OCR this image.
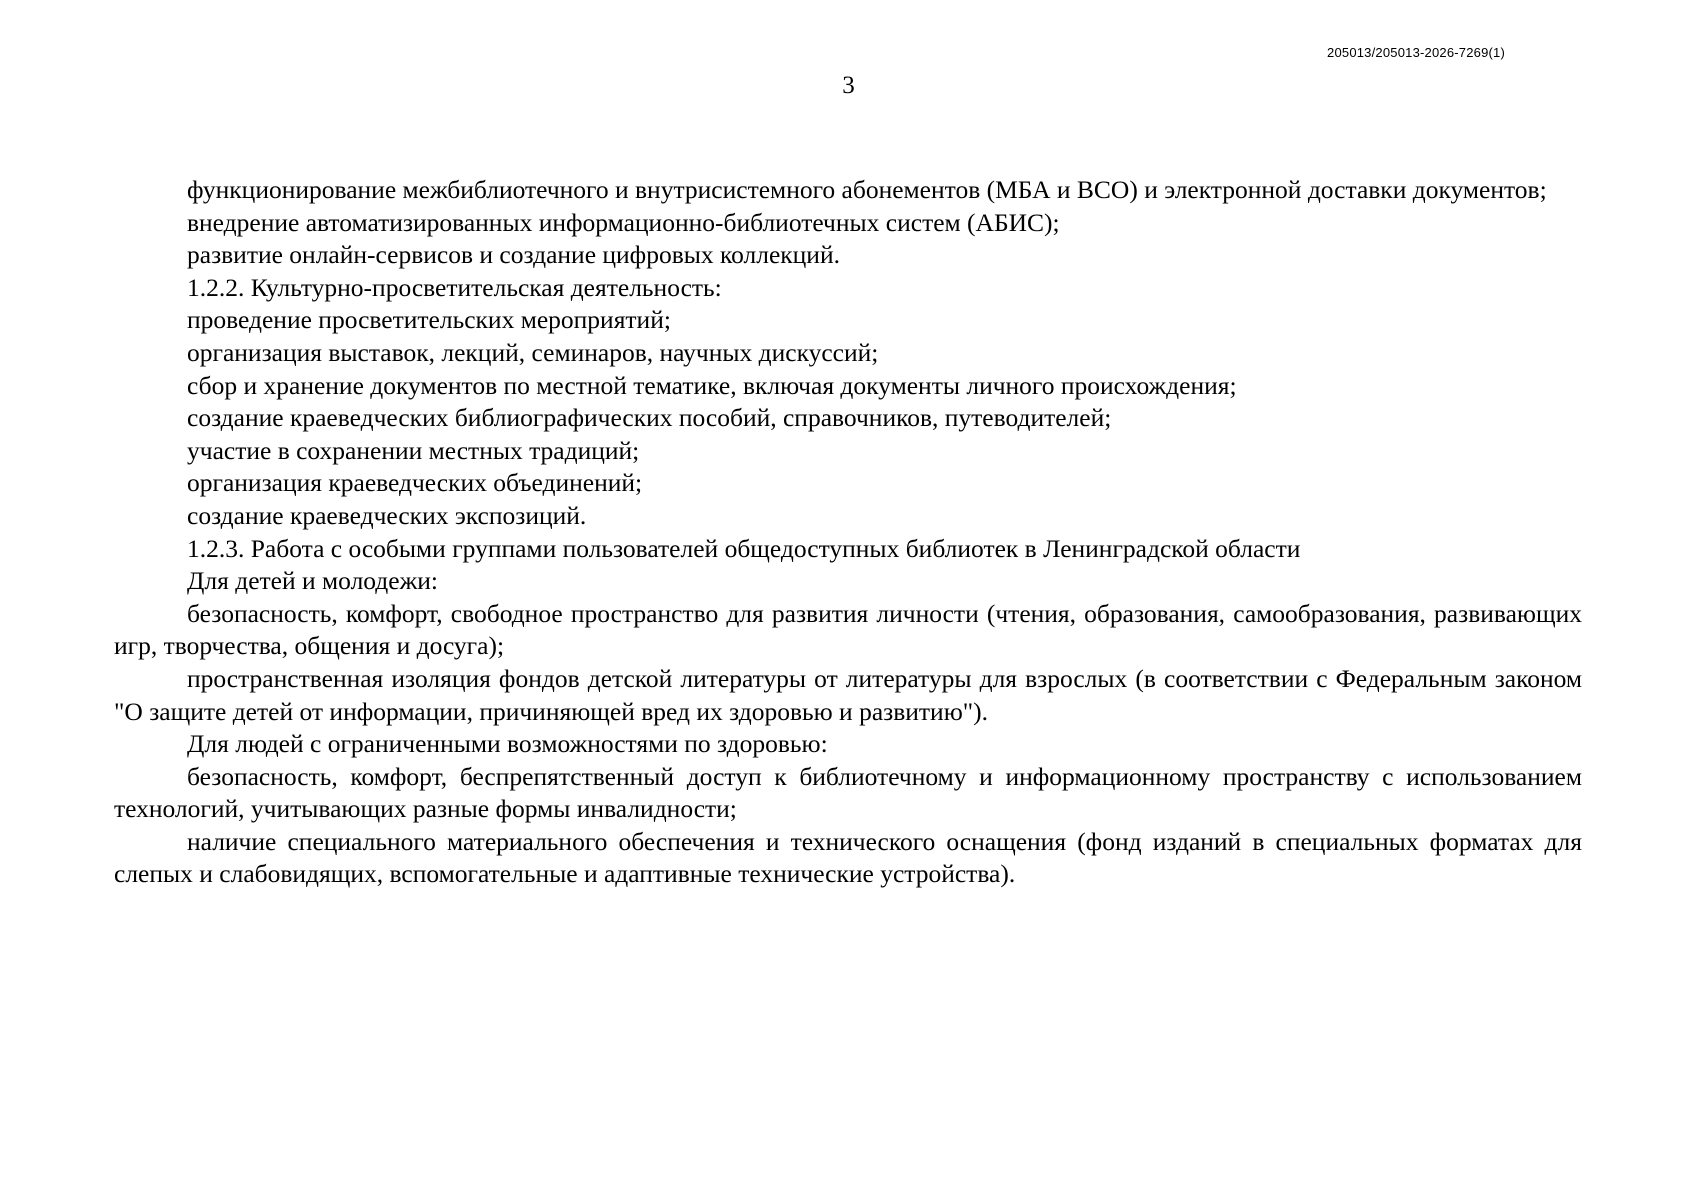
205013/205013-2026-7269(1)
3

функционирование межбиблиотечного и внутрисистемного абонементов (МБА и ВСО) и электронной доставки документов;

внедрение автоматизированных информационно-библиотечных систем (АБИС);

развитие онлайн-сервисов и создание цифровых коллекций.

1.2.2. Культурно-просветительская деятельность:

проведение просветительских мероприятий;

организация выставок, лекций, семинаров, научных дискуссий;

сбор и хранение документов по местной тематике, включая документы личного происхождения;

создание краеведческих библиографических пособий, справочников, путеводителей;

участие в сохранении местных традиций;

организация краеведческих объединений;

создание краеведческих экспозиций.

1.2.3. Работа с особыми группами пользователей общедоступных библиотек в Ленинградской области

Для детей и молодежи:

безопасность, комфорт, свободное пространство для развития личности (чтения, образования, самообразования, развивающих игр, творчества, общения и досуга);

пространственная изоляция фондов детской литературы от литературы для взрослых (в соответствии с Федеральным законом "О защите детей от информации, причиняющей вред их здоровью и развитию").

Для людей с ограниченными возможностями по здоровью:

безопасность, комфорт, беспрепятственный доступ к библиотечному и информационному пространству с использованием технологий, учитывающих разные формы инвалидности;

наличие специального материального обеспечения и технического оснащения (фонд изданий в специальных форматах для слепых и слабовидящих, вспомогательные и адаптивные технические устройства).
